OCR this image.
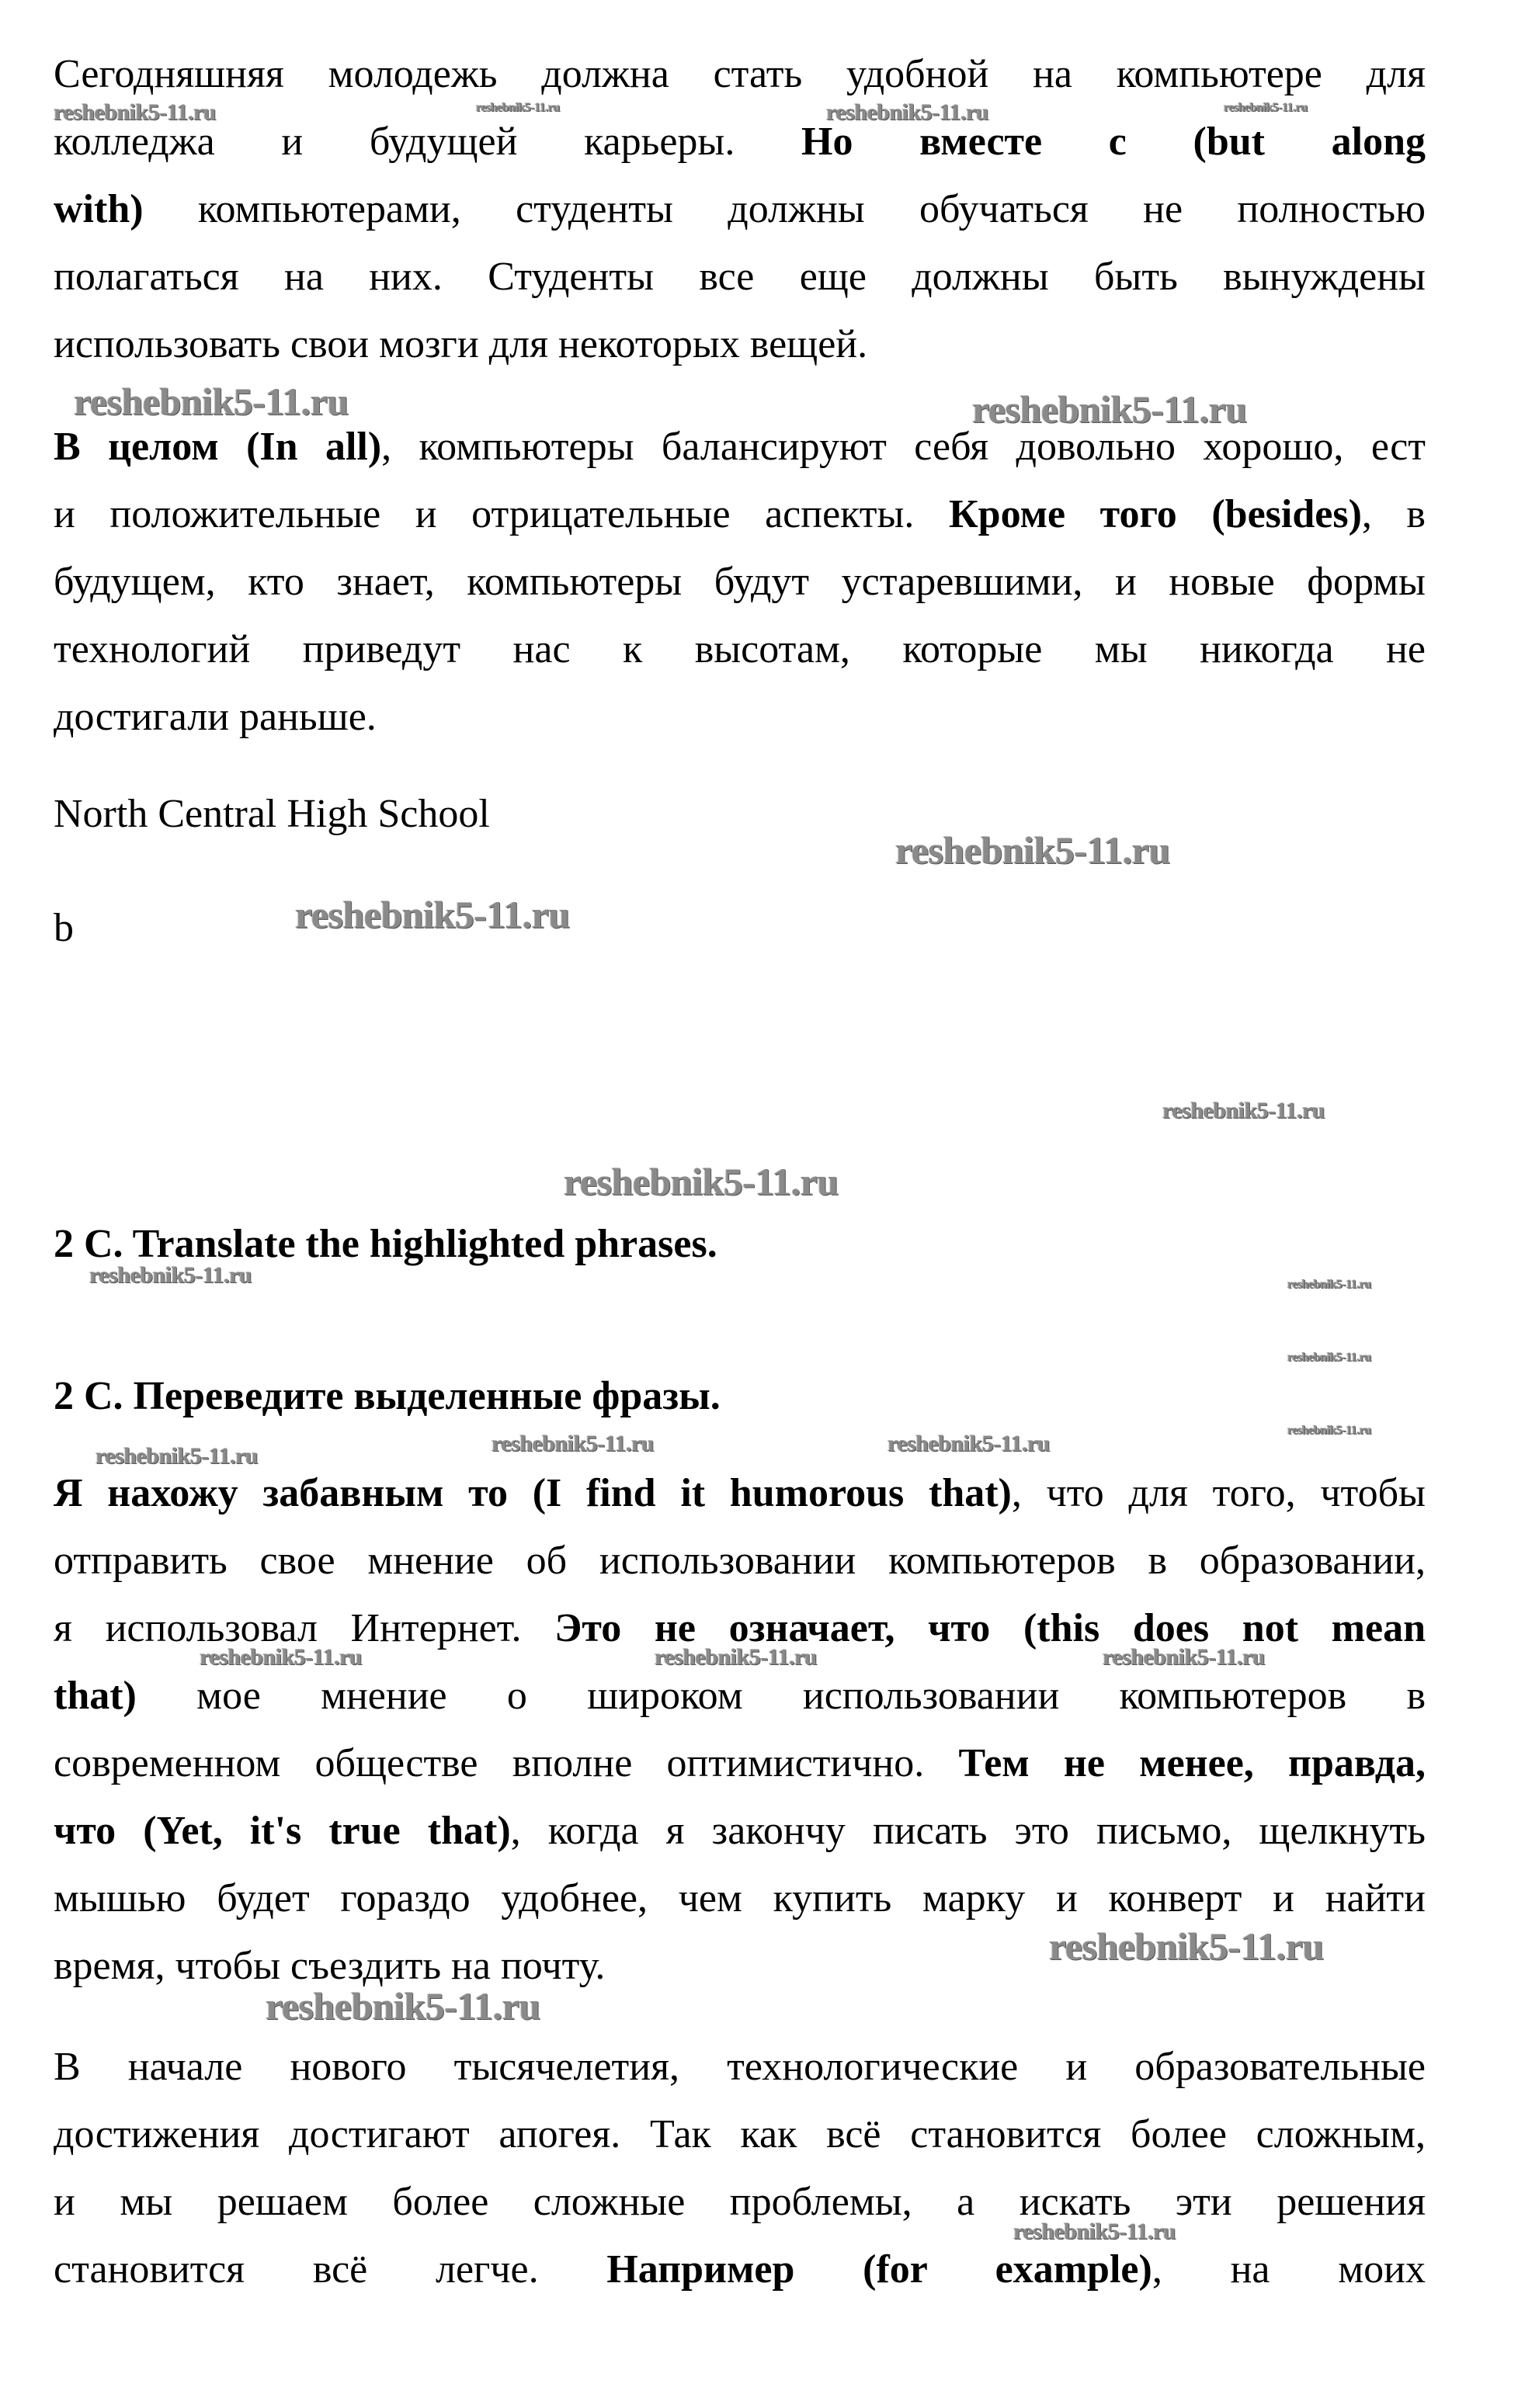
Сегодняшняя молодежь должна стать удобной на компьютере для
колледжа и будущей карьеры. Но вместе с (but along
with) компьютерами, студенты должны обучаться не полностью
полагаться на них. Студенты все еще должны быть вынуждены
использовать свои мозги для некоторых вещей.
В целом (In all), компьютеры балансируют себя довольно хорошо, ест
и положительные и отрицательные аспекты. Кроме того (besides), в
будущем, кто знает, компьютеры будут устаревшими, и новые формы
технологий приведут нас к высотам, которые мы никогда не
достигали раньше.
North Central High School
b
2 C. Translate the highlighted phrases.
2 C. Переведите выделенные фразы.
Я нахожу забавным то (I find it humorous that), что для того, чтобы
отправить свое мнение об использовании компьютеров в образовании,
я использовал Интернет. Это не означает, что (this does not mean
that) мое мнение о широком использовании компьютеров в
современном обществе вполне оптимистично. Тем не менее, правда,
что (Yet, it's true that), когда я закончу писать это письмо, щелкнуть
мышью будет гораздо удобнее, чем купить марку и конверт и найти
время, чтобы съездить на почту.
В начале нового тысячелетия, технологические и образовательные
достижения достигают апогея. Так как всё становится более сложным,
и мы решаем более сложные проблемы, а искать эти решения
становится всё легче. Например (for example), на моих
reshebnik5-11.ru	reshebnik5-11.ru	reshebnik5-11.ru	reshebnik5-11.ru
reshebnik5-11.ru	reshebnik5-11.ru
reshebnik5-11.ru
reshebnik5-11.ru
reshebnik5-11.ru
reshebnik5-11.ru
reshebnik5-11.ru	reshebnik5-11.ru
reshebnik5-11.ru
reshebnik5-11.ru
reshebnik5-11.ru	reshebnik5-11.ru	reshebnik5-11.ru
reshebnik5-11.ru	reshebnik5-11.ru	reshebnik5-11.ru
reshebnik5-11.ru
reshebnik5-11.ru
reshebnik5-11.ru
